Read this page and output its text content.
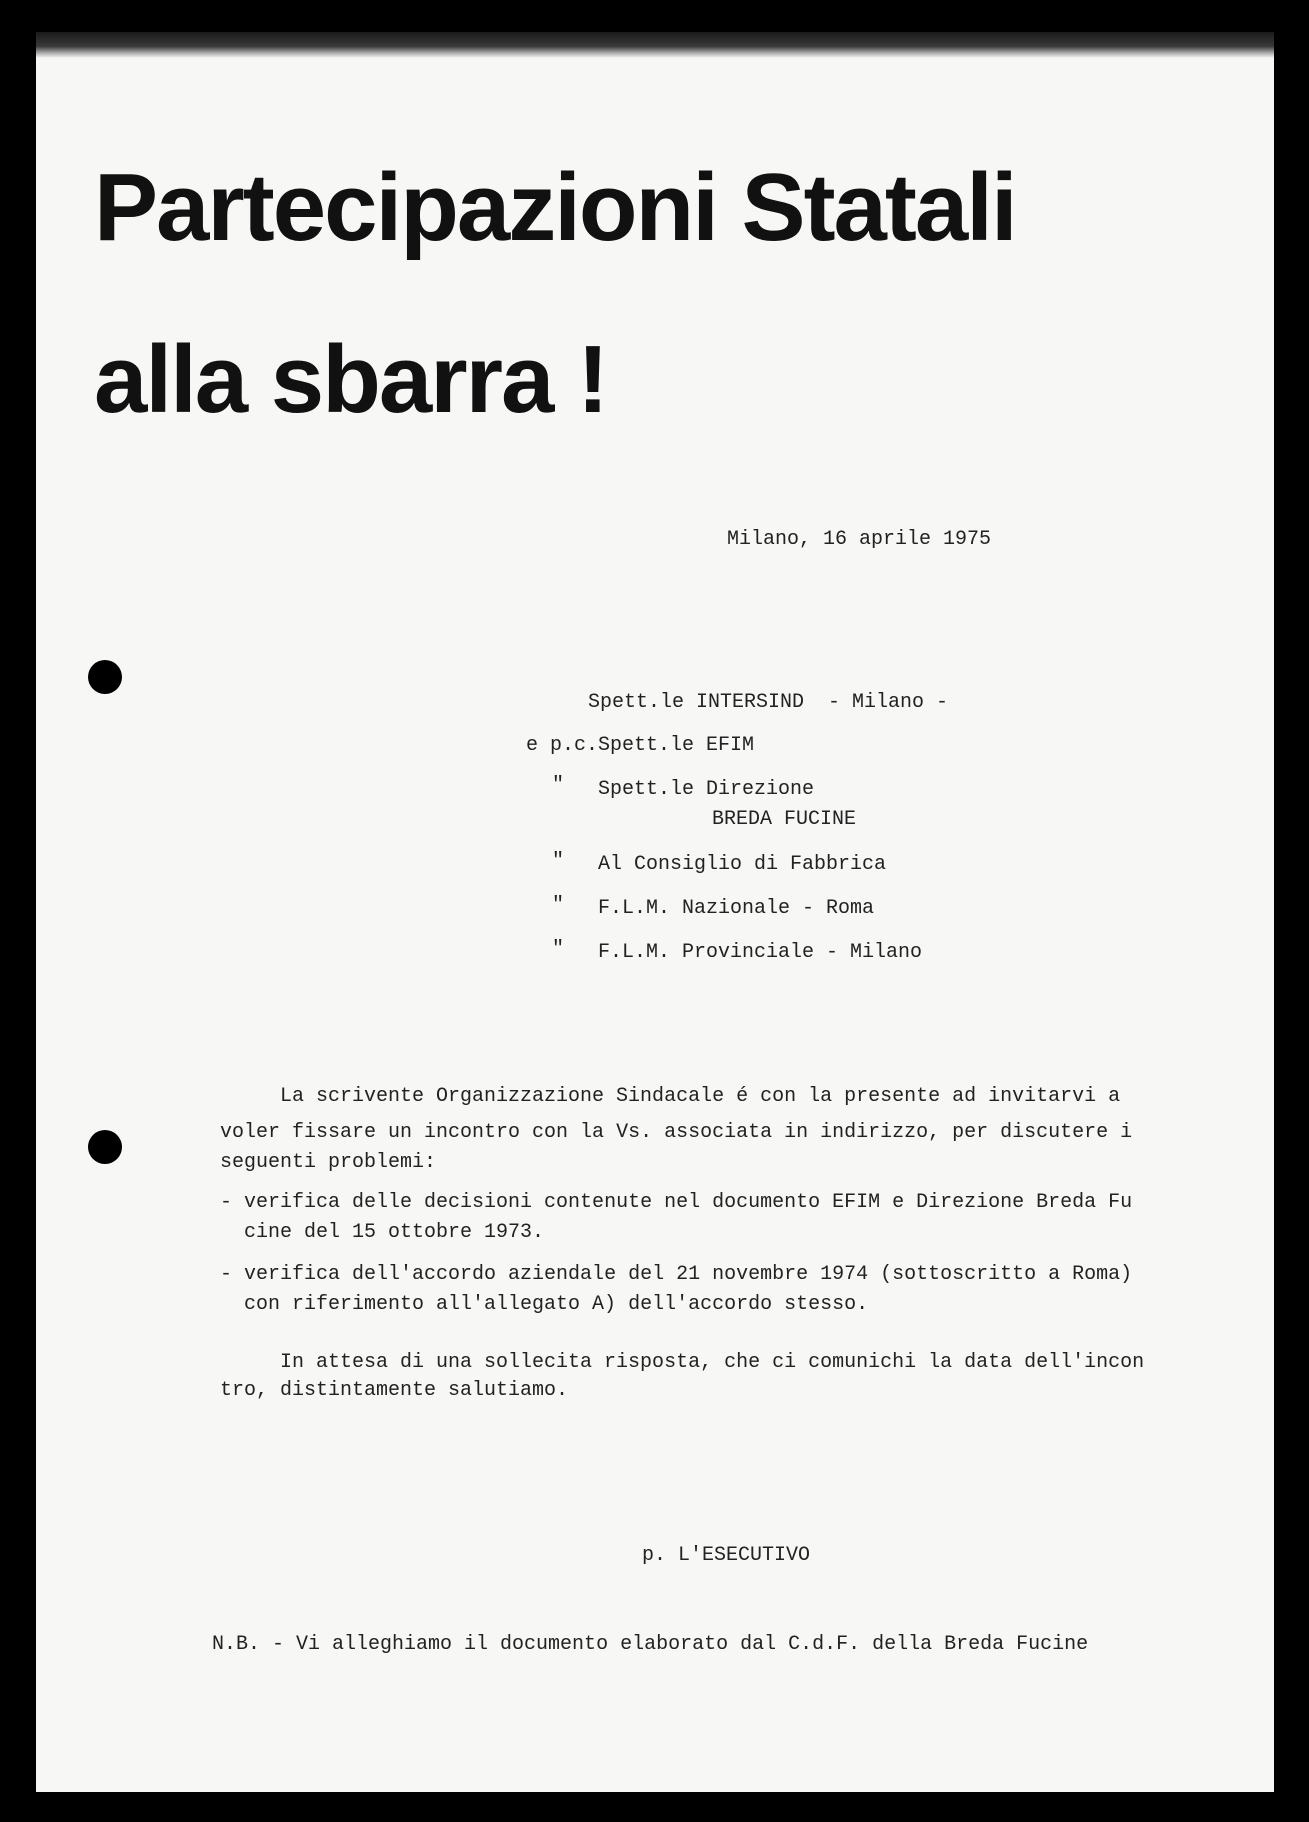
Partecipazioni Statali
alla sbarra !

Milano, 16 aprile 1975

Spett.le INTERSIND  - Milano -

e p.c. Spett.le EFIM

" Spett.le Direzione

BREDA FUCINE

" Al Consiglio di Fabbrica

" F.L.M. Nazionale - Roma

" F.L.M. Provinciale - Milano

La scrivente Organizzazione Sindacale é con la presente ad invitarvi a

voler fissare un incontro con la Vs. associata in indirizzo, per discutere i

seguenti problemi:

- verifica delle decisioni contenute nel documento EFIM e Direzione Breda Fu

cine del 15 ottobre 1973.

- verifica dell'accordo aziendale del 21 novembre 1974 (sottoscritto a Roma)

con riferimento all'allegato A) dell'accordo stesso.

In attesa di una sollecita risposta, che ci comunichi la data dell'incon

tro, distintamente salutiamo.

p. L'ESECUTIVO

N.B. - Vi alleghiamo il documento elaborato dal C.d.F. della Breda Fucine
